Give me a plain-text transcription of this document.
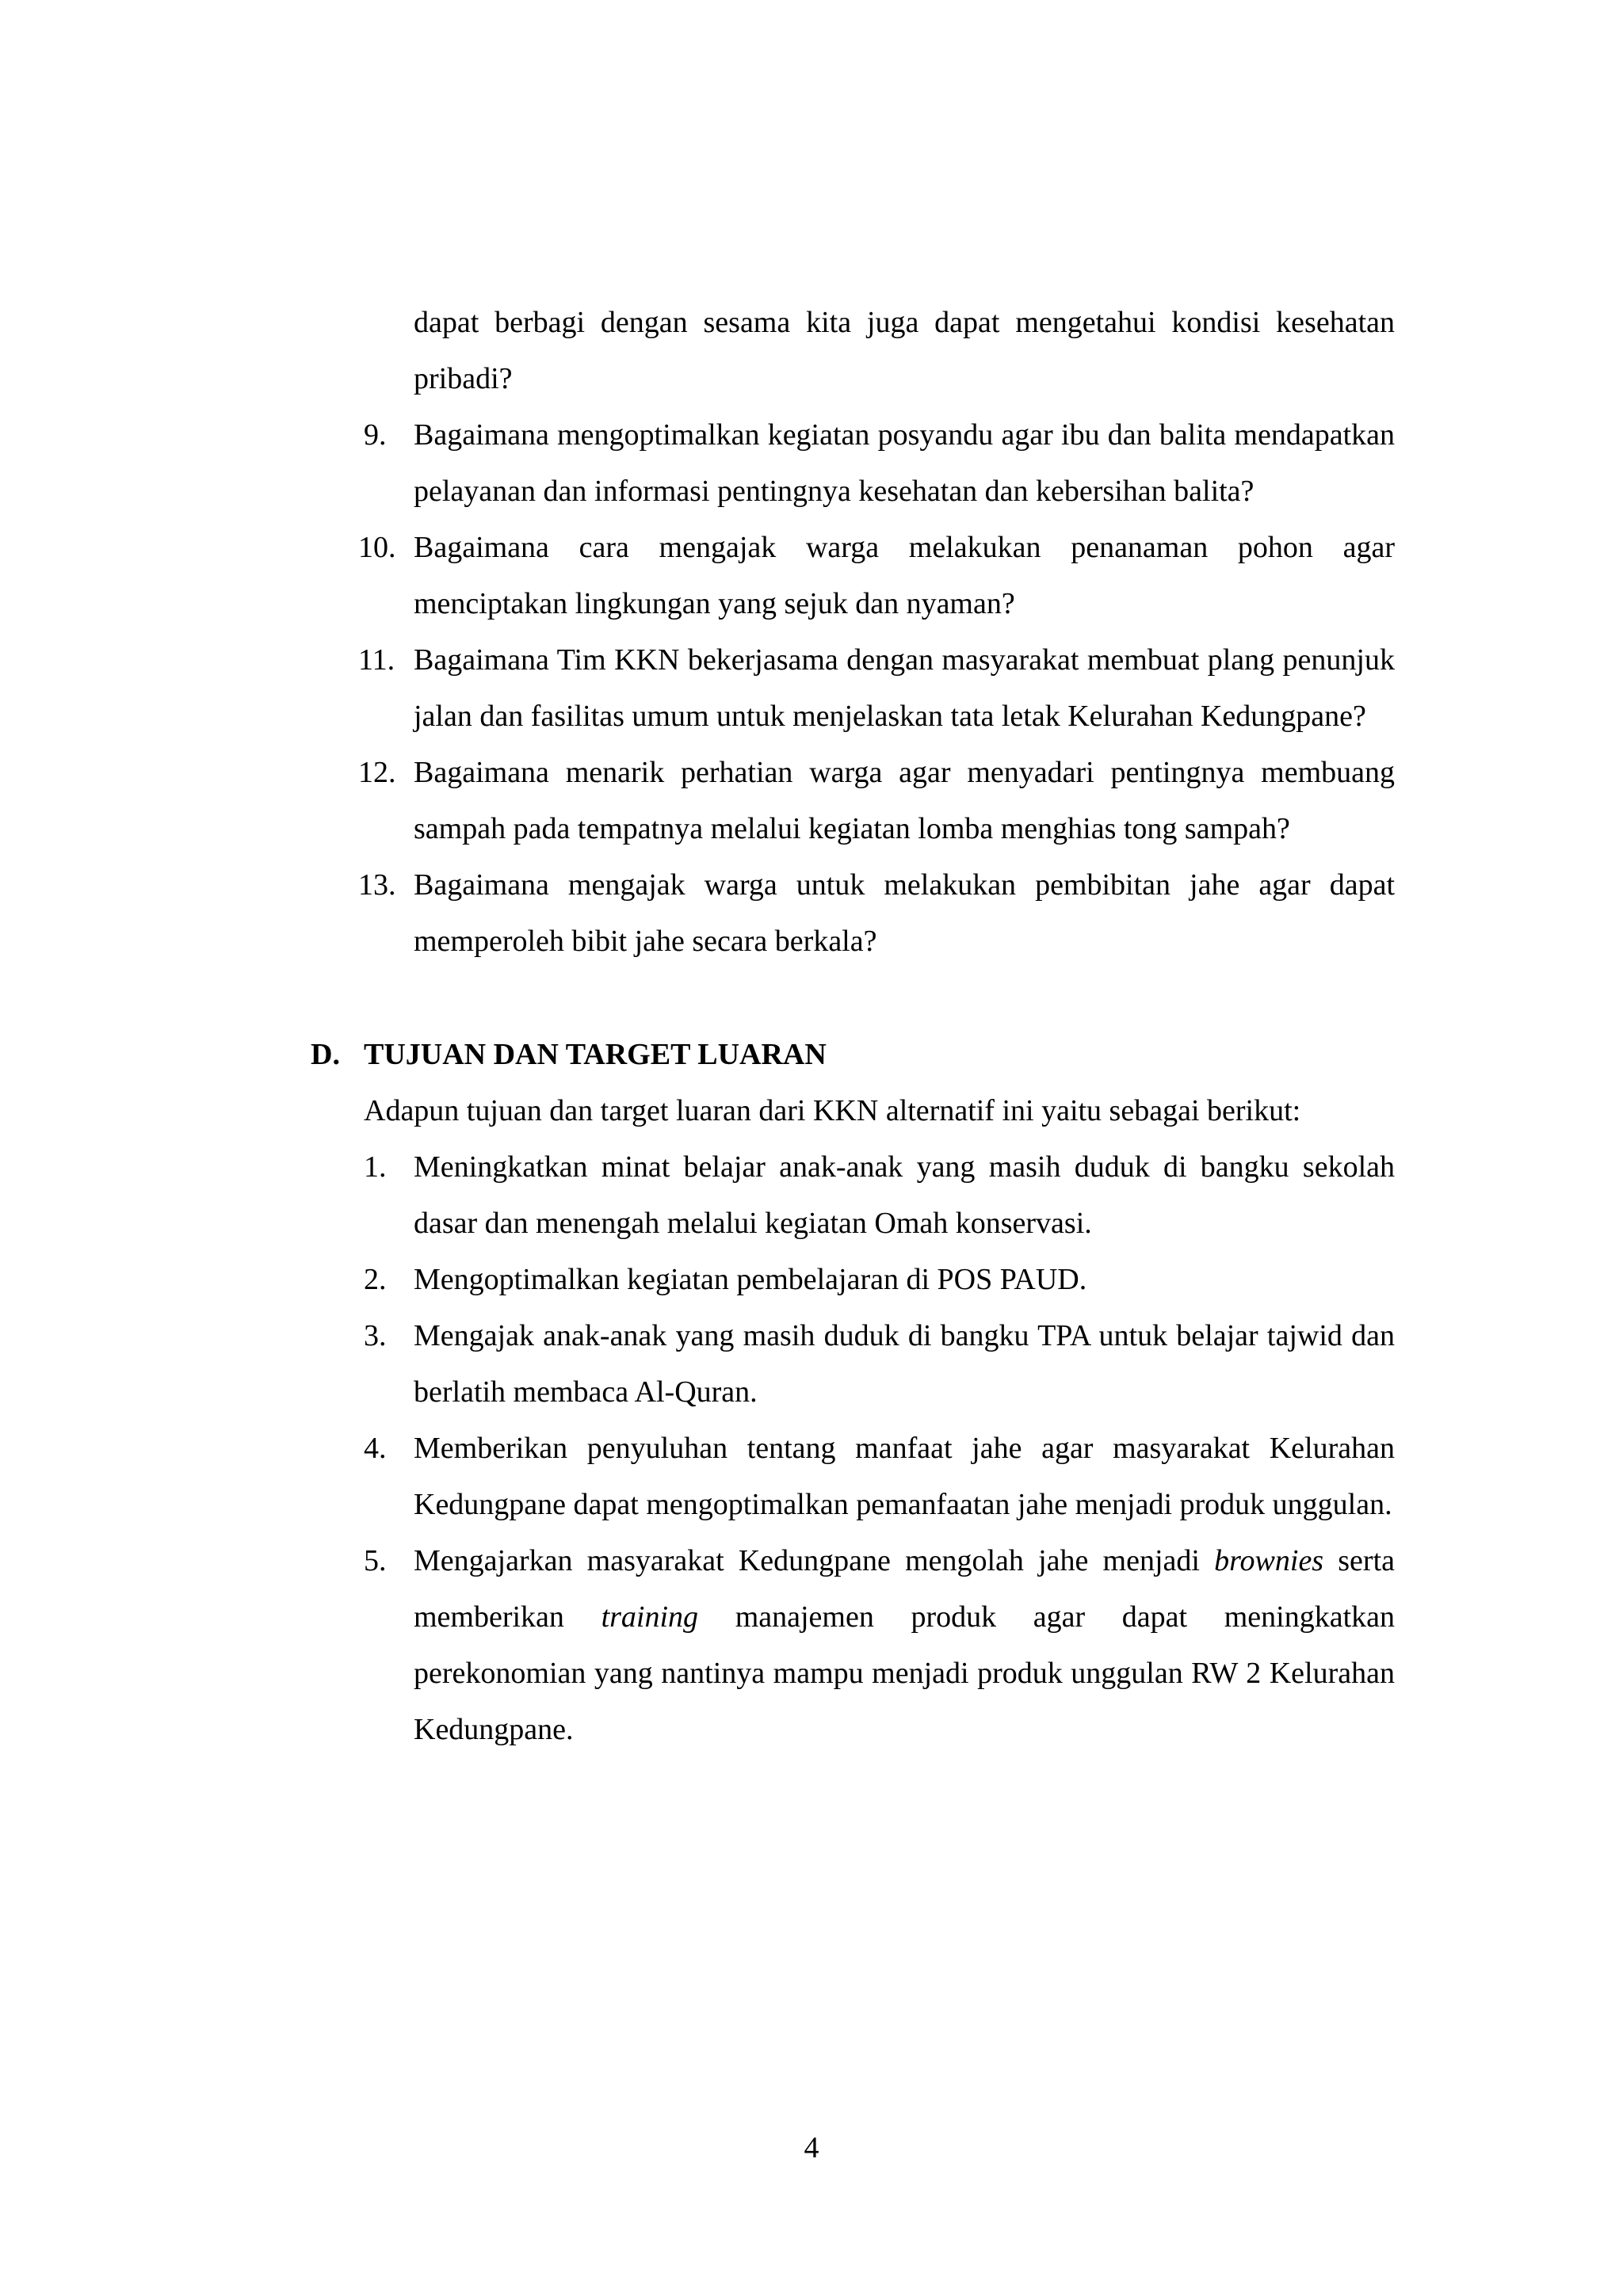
dapat berbagi dengan sesama kita juga dapat mengetahui kondisi kesehatan pribadi?
9. Bagaimana mengoptimalkan kegiatan posyandu agar ibu dan balita mendapatkan pelayanan dan informasi pentingnya kesehatan dan kebersihan balita?
10. Bagaimana cara mengajak warga melakukan penanaman pohon agar menciptakan lingkungan yang sejuk dan nyaman?
11. Bagaimana Tim KKN bekerjasama dengan masyarakat membuat plang penunjuk jalan dan fasilitas umum untuk menjelaskan tata letak Kelurahan Kedungpane?
12. Bagaimana menarik perhatian warga agar menyadari pentingnya membuang sampah pada tempatnya melalui kegiatan lomba menghias tong sampah?
13. Bagaimana mengajak warga untuk melakukan pembibitan jahe agar dapat memperoleh bibit jahe secara berkala?
D. TUJUAN DAN TARGET LUARAN
Adapun tujuan dan target luaran dari KKN alternatif ini yaitu sebagai berikut:
1. Meningkatkan minat belajar anak-anak yang masih duduk di bangku sekolah dasar dan menengah melalui kegiatan Omah konservasi.
2. Mengoptimalkan kegiatan pembelajaran di POS PAUD.
3. Mengajak anak-anak yang masih duduk di bangku TPA untuk belajar tajwid dan berlatih membaca Al-Quran.
4. Memberikan penyuluhan tentang manfaat jahe agar masyarakat Kelurahan Kedungpane dapat mengoptimalkan pemanfaatan jahe menjadi produk unggulan.
5. Mengajarkan masyarakat Kedungpane mengolah jahe menjadi brownies serta memberikan training manajemen produk agar dapat meningkatkan perekonomian yang nantinya mampu menjadi produk unggulan RW 2 Kelurahan Kedungpane.
4
